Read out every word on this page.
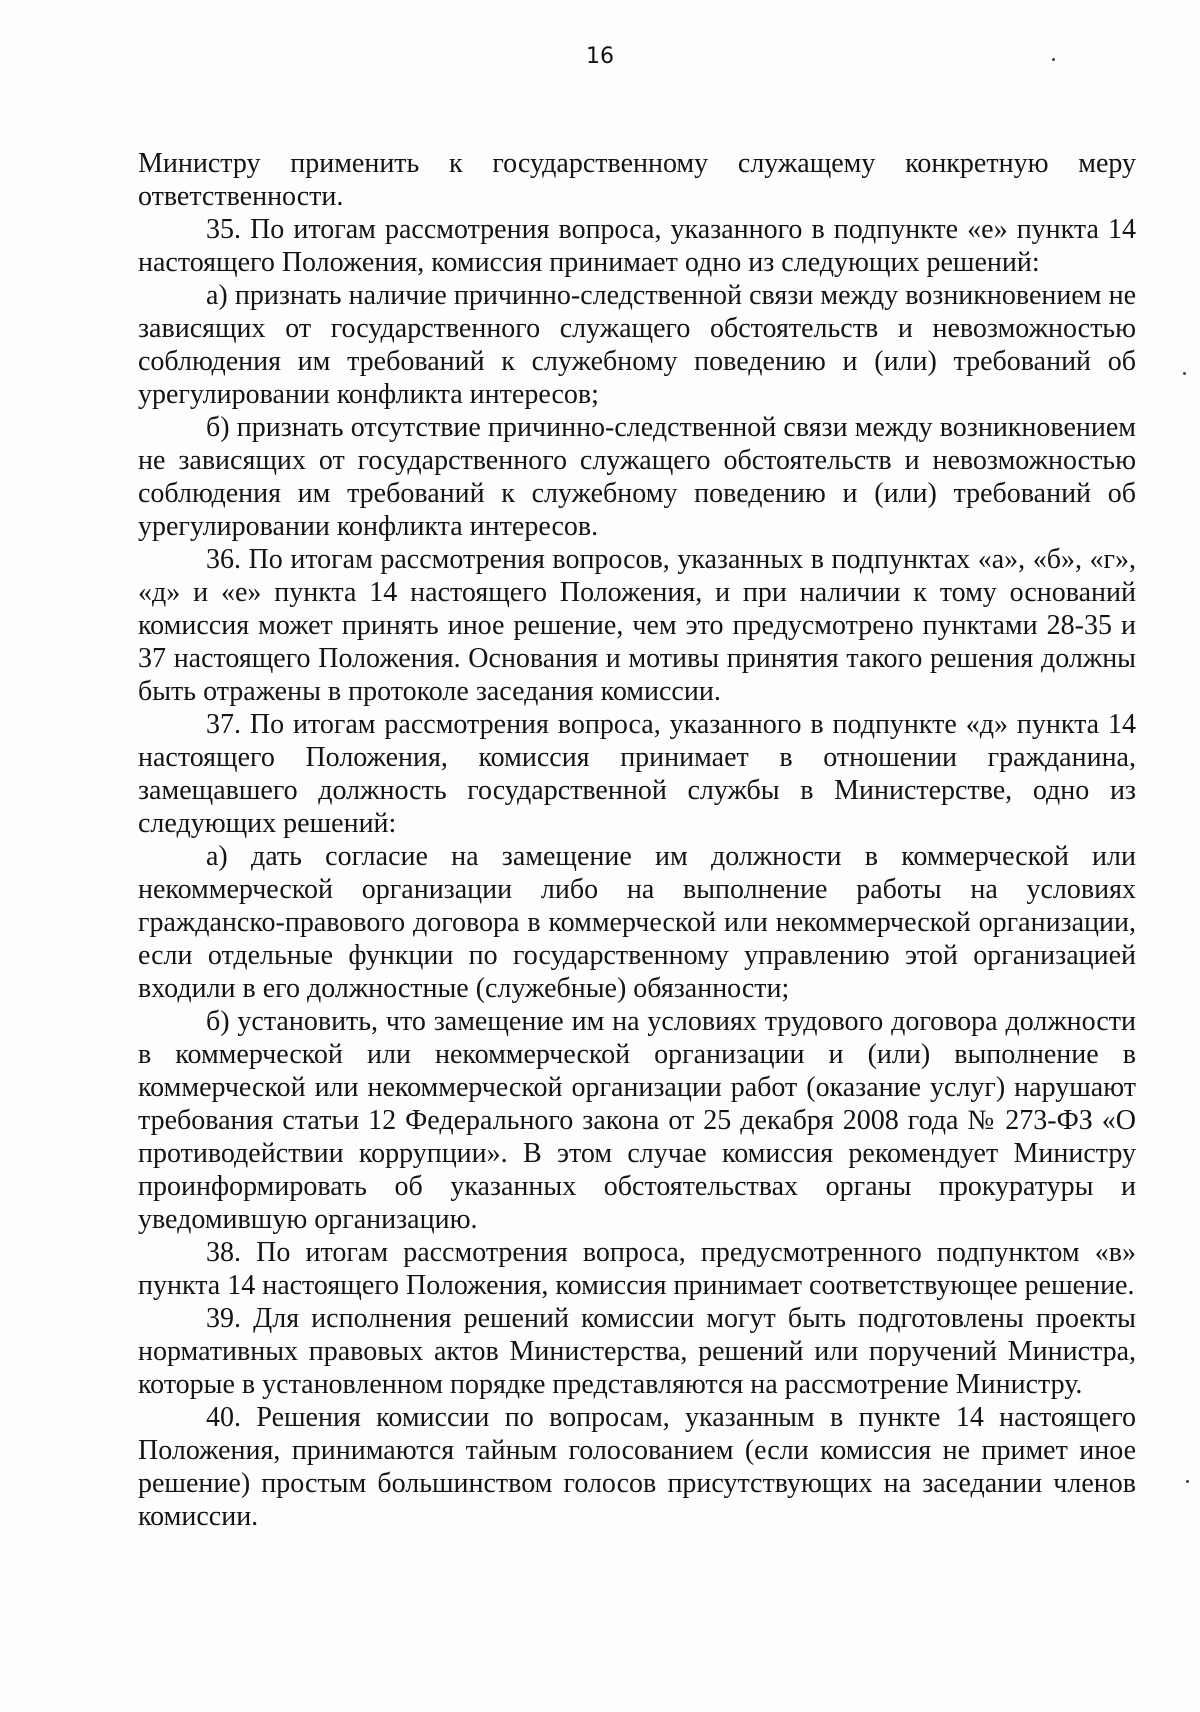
16

Министру применить к государственному служащему конкретную меру ответственности.

35. По итогам рассмотрения вопроса, указанного в подпункте «е» пункта 14 настоящего Положения, комиссия принимает одно из следующих решений:

а) признать наличие причинно-следственной связи между возникновением не зависящих от государственного служащего обстоятельств и невозможностью соблюдения им требований к служебному поведению и (или) требований об урегулировании конфликта интересов;

б) признать отсутствие причинно-следственной связи между возникновением не зависящих от государственного служащего обстоятельств и невозможностью соблюдения им требований к служебному поведению и (или) требований об урегулировании конфликта интересов.

36. По итогам рассмотрения вопросов, указанных в подпунктах «а», «б», «г», «д» и «е» пункта 14 настоящего Положения, и при наличии к тому оснований комиссия может принять иное решение, чем это предусмотрено пунктами 28-35 и 37 настоящего Положения. Основания и мотивы принятия такого решения должны быть отражены в протоколе заседания комиссии.

37. По итогам рассмотрения вопроса, указанного в подпункте «д» пункта 14 настоящего Положения, комиссия принимает в отношении гражданина, замещавшего должность государственной службы в Министерстве, одно из следующих решений:

а) дать согласие на замещение им должности в коммерческой или некоммерческой организации либо на выполнение работы на условиях гражданско-правового договора в коммерческой или некоммерческой организации, если отдельные функции по государственному управлению этой организацией входили в его должностные (служебные) обязанности;

б) установить, что замещение им на условиях трудового договора должности в коммерческой или некоммерческой организации и (или) выполнение в коммерческой или некоммерческой организации работ (оказание услуг) нарушают требования статьи 12 Федерального закона от 25 декабря 2008 года № 273-ФЗ «О противодействии коррупции». В этом случае комиссия рекомендует Министру проинформировать об указанных обстоятельствах органы прокуратуры и уведомившую организацию.

38. По итогам рассмотрения вопроса, предусмотренного подпунктом «в» пункта 14 настоящего Положения, комиссия принимает соответствующее решение.

39. Для исполнения решений комиссии могут быть подготовлены проекты нормативных правовых актов Министерства, решений или поручений Министра, которые в установленном порядке представляются на рассмотрение Министру.

40. Решения комиссии по вопросам, указанным в пункте 14 настоящего Положения, принимаются тайным голосованием (если комиссия не примет иное решение) простым большинством голосов присутствующих на заседании членов комиссии.
